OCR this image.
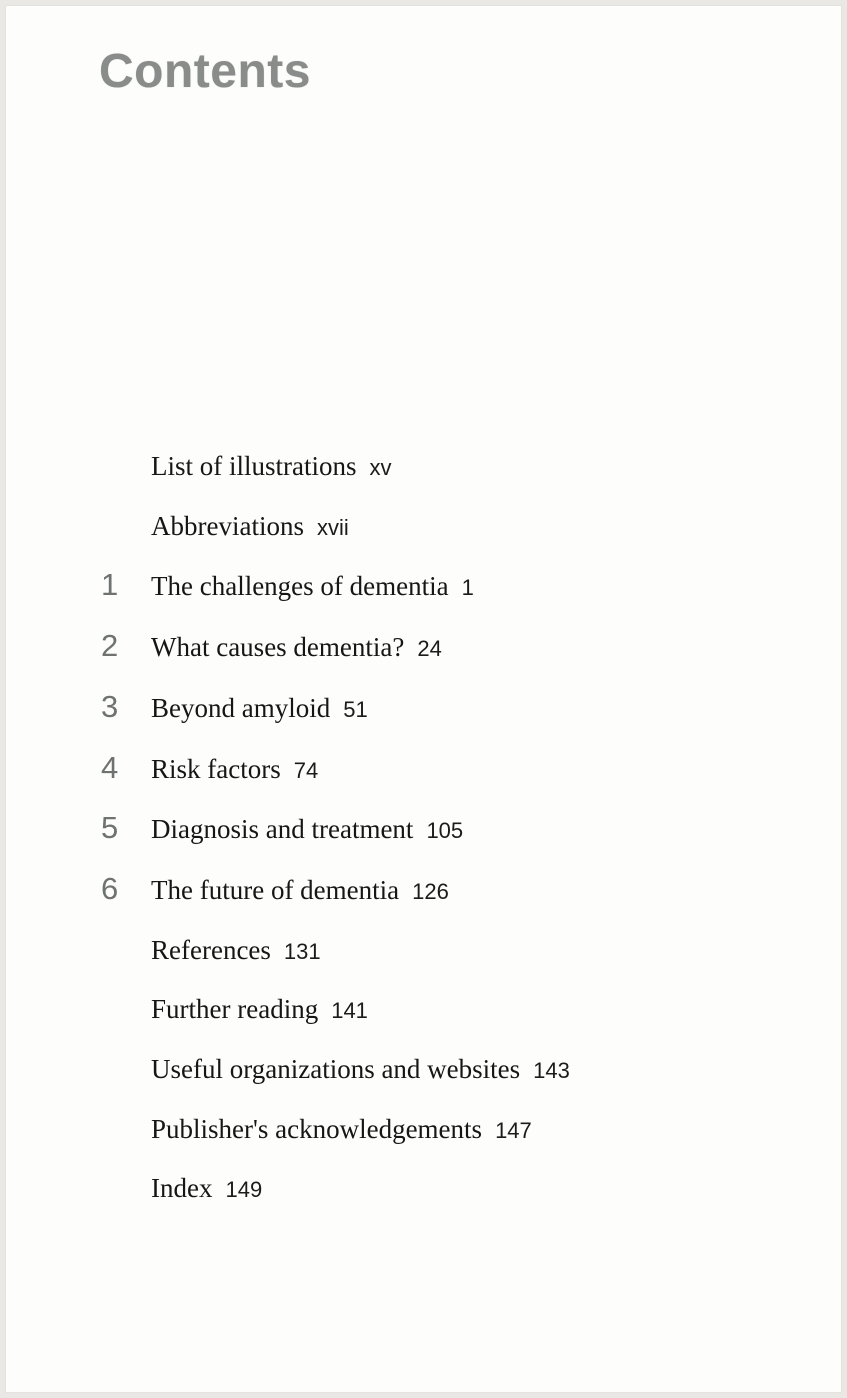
Contents
List of illustrations xv
Abbreviations xvii
1 The challenges of dementia 1
2 What causes dementia? 24
3 Beyond amyloid 51
4 Risk factors 74
5 Diagnosis and treatment 105
6 The future of dementia 126
References 131
Further reading 141
Useful organizations and websites 143
Publisher's acknowledgements 147
Index 149
